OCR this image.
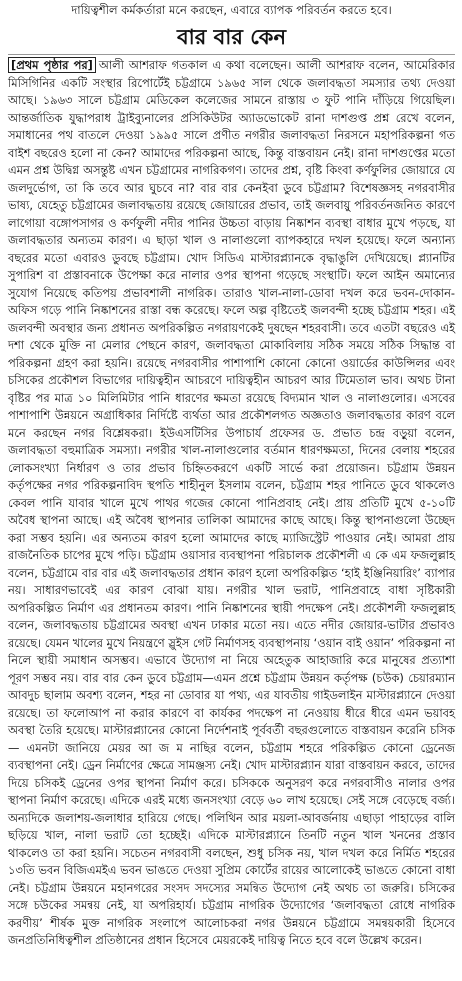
দায়িত্বশীল কর্মকর্তারা মনে করছেন, এবারে ব্যাপক পরিবর্তন করতে হবে।

বার বার কেন

[প্রথম পৃষ্ঠার পর] আলী আশরাফ গতকাল এ কথা বলেছেন। আলী আশরাফ বলেন, আমেরিকার মিসিগিনির একটি সংস্থার রিপোর্টেই চট্টগ্রামে ১৯৬৫ সাল থেকে জলাবদ্ধতা সমস্যার তথ্য দেওয়া আছে। ১৯৬৩ সালে চট্টগ্রাম মেডিকেল কলেজের সামনে রাস্তায় ৩ ফুট পানি দাঁড়িয়ে গিয়েছিল। আন্তর্জাতিক যুদ্ধাপরাধ ট্রাইব্যুনালের প্রসিকিউটর অ্যাডভোকেট রানা দাশগুপ্ত প্রশ্ন রেখে বলেন, সমাধানের পথ বাতলে দেওয়া ১৯৯৫ সালে প্রণীত নগরীর জলাবদ্ধতা নিরসনে মহাপরিকল্পনা গত বাইশ বছরেও হলো না কেন? আমাদের পরিকল্পনা আছে, কিন্তু বাস্তবায়ন নেই। রানা দাশগুপ্তের মতো এমন প্রশ্ন উদ্বিগ্ন অসন্তুষ্ট এখন চট্টগ্রামের নাগরিকগণ। তাদের প্রশ্ন, বৃষ্টি কিংবা কর্ণফুলির জোয়ারে যে জলদুর্ভোগ, তা কি তবে আর ঘুচবে না? বার বার কেনইবা ডুবে চট্টগ্রাম? বিশেষজ্ঞসহ নগরবাসীর ভাষ্য, যেহেতু চট্টগ্রামের জলাবদ্ধতায় রয়েছে জোয়ারের প্রভাব, তাই জলবায়ু পরিবর্তনজনিত কারণে লাগোয়া বঙ্গোপসাগর ও কর্ণফুলী নদীর পানির উচ্চতা বাড়ায় নিষ্কাশন ব্যবস্থা বাধার মুখে পড়ছে, যা জলাবদ্ধতার অন্যতম কারণ। এ ছাড়া খাল ও নালাগুলো ব্যাপকহারে দখল হয়েছে। ফলে অন্যান্য বছরের মতো এবারও ডুবছে চট্টগ্রাম। খোদ সিডিএ মাস্টারপ্ল্যানকে বৃদ্ধাঙুলি দেখিয়েছে। প্ল্যানটির সুপারিশ বা প্রস্তাবনাকে উপেক্ষা করে নালার ওপর স্থাপনা গড়েছে সংস্থাটি। ফলে আইন অমান্যের সুযোগ নিয়েছে কতিপয় প্রভাবশালী নাগরিক। তারাও খাল-নালা-ডোবা দখল করে ভবন-দোকান-অফিস গড়ে পানি নিষ্কাশনের রাস্তা বন্ধ করেছে। ফলে অল্প বৃষ্টিতেই জলবন্দী হচ্ছে চট্টগ্রাম শহর। এই জলবন্দী অবস্থার জন্য প্রধানত অপরিকল্পিত নগরায়ণকেই দুষছেন শহরবাসী। তবে এতটা বছরেও এই দশা থেকে মুক্তি না মেলার পেছনে কারণ, জলাবদ্ধতা মোকাবিলায় সঠিক সময়ে সঠিক সিদ্ধান্ত বা পরিকল্পনা গ্রহণ করা হয়নি। রয়েছে নগরবাসীর পাশাপাশি কোনো কোনো ওয়ার্ডের কাউন্সিলর এবং চসিকের প্রকৌশল বিভাগের দায়িত্বহীন আচরণে দায়িত্বহীন আচরণ আর টিমেতাল ভাব। অথচ টানা বৃষ্টির পর মাত্র ১০ মিলিমিটার পানি ধারণের ক্ষমতা রয়েছে বিদ্যমান খাল ও নালাগুলোর। এসবের পাশাপাশি উন্নয়নে অগ্রাধিকার নির্দিষ্টে ব্যর্থতা আর প্রকৌশলগত অজ্ঞতাও জলাবদ্ধতার কারণ বলে মনে করছেন নগর বিশ্লেষকরা। ইউএসটিসির উপাচার্য প্রফেসর ড. প্রভাত চন্দ্র বড়ুয়া বলেন, জলাবদ্ধতা বহুমাত্রিক সমস্যা। নগরীর খাল-নালাগুলোর বর্তমান ধারণক্ষমতা, দিনের বেলায় শহরের লোকসংখ্যা নির্ধারণ ও তার প্রভাব চিহ্নিতকরণে একটি সার্ভে করা প্রয়োজন। চট্টগ্রাম উন্নয়ন কর্তৃপক্ষের নগর পরিকল্পনাবিদ স্থপতি শাহীনুল ইসলাম বলেন, চট্টগ্রাম শহর পানিতে ডুবে থাকলেও কেবল পানি যাবার খালে মুখে পাথর গজের কোনো পানিপ্রবাহ নেই। প্রায় প্রতিটি মুখে ৫-১০টি অবৈধ স্থাপনা আছে। এই অবৈধ স্থাপনার তালিকা আমাদের কাছে আছে। কিন্তু স্থাপনাগুলো উচ্ছেদ করা সম্ভব হয়নি। এর অন্যতম কারণ হলো আমাদের কাছে ম্যাজিস্ট্রেট পাওয়ার নেই। আমরা প্রায় রাজনৈতিক চাপের মুখে পড়ি। চট্টগ্রাম ওয়াসার ব্যবস্থাপনা পরিচালক প্রকৌশলী এ কে এম ফজলুল্লাহ বলেন, চট্টগ্রামে বার বার এই জলাবদ্ধতার প্রধান কারণ হলো অপরিকল্পিত ‘হাই ইঞ্জিনিয়ারিং’ ব্যাপার নয়। সাধারণভাবেই এর কারণ বোঝা যায়। নগরীর খাল ভরাট, পানিপ্রবাহে বাধা সৃষ্টিকারী অপরিকল্পিত নির্মাণ এর প্রধানতম কারণ। পানি নিষ্কাশনের স্থায়ী পদক্ষেপ নেই। প্রকৌশলী ফজলুল্লাহ বলেন, জলাবদ্ধতায় চট্টগ্রামের অবস্থা এখন ঢাকার মতো নয়। এতে নদীর জোয়ার-ভাটার প্রভাবও রয়েছে। যেমন খালের মুখে নিয়ন্ত্রণে স্লুইস গেট নির্মাণসহ ব্যবস্থাপনায় ‘ওয়ান বাই ওয়ান’ পরিকল্পনা না নিলে স্থায়ী সমাধান অসম্ভব। এভাবে উদ্যোগ না নিয়ে অহেতুক আহাজারি করে মানুষের প্রত্যাশা পূরণ সম্ভব নয়। বার বার কেন ডুবে চট্টগ্রাম—এমন প্রশ্নে চট্টগ্রাম উন্নয়ন কর্তৃপক্ষ (চউক) চেয়ারম্যান আবদুচ ছালাম অবশ্য বলেন, শহর না ডোবার যা পথ্য, এর যাবতীয় গাইডলাইন মাস্টারপ্ল্যানে দেওয়া রয়েছে। তা ফলোআপ না করার কারণে বা কার্যকর পদক্ষেপ না নেওয়ায় ধীরে ধীরে এমন ভয়াবহ অবস্থা তৈরি হয়েছে। মাস্টারপ্ল্যানের কোনো নির্দেশনাই পূর্ববর্তী বছরগুলোতে বাস্তবায়ন করেনি চসিক— এমনটা জানিয়ে মেয়র আ জ ম নাছির বলেন, চট্টগ্রাম শহরে পরিকল্পিত কোনো ড্রেনেজ ব্যবস্থাপনা নেই। ড্রেন নির্মাণের ক্ষেত্রে সামঞ্জস্য নেই। খোদ মাস্টারপ্ল্যান যারা বাস্তবায়ন করবে, তাদের দিয়ে চসিকই ড্রেনের ওপর স্থাপনা নির্মাণ করে। চসিককে অনুসরণ করে নগরবাসীও নালার ওপর স্থাপনা নির্মাণ করেছে। এদিকে এরই মধ্যে জনসংখ্যা বেড়ে ৬০ লাখ হয়েছে। সেই সঙ্গে বেড়েছে বর্জ্য। অন্যদিকে জলাশয়-জলাধার হারিয়ে গেছে। পলিথিন আর ময়লা-আবর্জনায় এছাড়া পাহাড়ের বালি ছড়িয়ে খাল, নালা ভরাট তো হচ্ছেই। এদিকে মাস্টারপ্ল্যানে তিনটি নতুন খাল খননের প্রস্তাব থাকলেও তা করা হয়নি। সচেতন নগরবাসী বলছেন, শুধু চসিক নয়, খাল দখল করে নির্মিত শহরের ১৩তি ভবন বিজিএমইএ ভবন ভাঙতে দেওয়া সুপ্রিম কোর্টের রায়ের আলোকেই ভাঙতে কোনো বাধা নেই। চট্টগ্রাম উন্নয়নে মহানগরের সংসদ সদস্যের সমন্বিত উদ্যোগ নেই অথচ তা জরুরি। চসিকের সঙ্গে চউকের সমন্বয় নেই, যা অপরিহার্য। চট্টগ্রাম নাগরিক উদ্যোগের ‘জলাবদ্ধতা রোধে নাগরিক করণীয়’ শীর্ষক মুক্ত নাগরিক সংলাপে আলোচকরা নগর উন্নয়নে চট্টগ্রামে সমন্বয়কারী হিসেবে জনপ্রতিনিধিত্বশীল প্রতিষ্ঠানের প্রধান হিসেবে মেয়রকেই দায়িত্ব নিতে হবে বলে উল্লেখ করেন।
